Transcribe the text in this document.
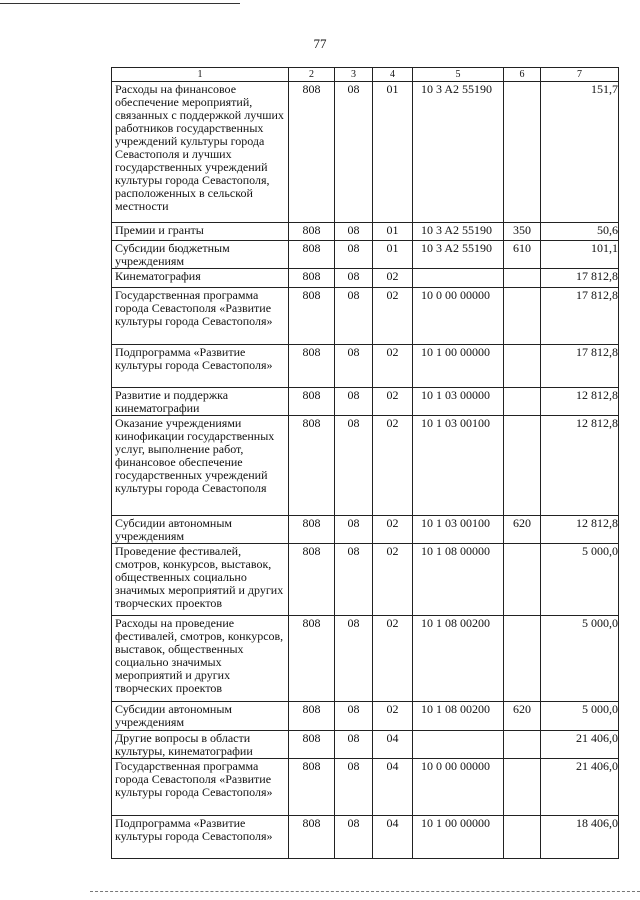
77
1	2	3	4	5	6	7
Расходы на финансовое обеспечение мероприятий, связанных с поддержкой лучших работников государственных учреждений культуры города Севастополя и лучших государственных учреждений культуры города Севастополя, расположенных в сельской местности	808	08	01	10 3 A2 55190		151,7
Премии и гранты	808	08	01	10 3 A2 55190	350	50,6
Субсидии бюджетным учреждениям	808	08	01	10 3 A2 55190	610	101,1
Кинематография	808	08	02			17 812,8
Государственная программа города Севастополя «Развитие культуры города Севастополя»	808	08	02	10 0 00 00000		17 812,8
Подпрограмма «Развитие культуры города Севастополя»	808	08	02	10 1 00 00000		17 812,8
Развитие и поддержка кинематографии	808	08	02	10 1 03 00000		12 812,8
Оказание учреждениями кинофикации государственных услуг, выполнение работ, финансовое обеспечение государственных учреждений культуры города Севастополя	808	08	02	10 1 03 00100		12 812,8
Субсидии автономным учреждениям	808	08	02	10 1 03 00100	620	12 812,8
Проведение фестивалей, смотров, конкурсов, выставок, общественных социально значимых мероприятий и других творческих проектов	808	08	02	10 1 08 00000		5 000,0
Расходы на проведение фестивалей, смотров, конкурсов, выставок, общественных социально значимых мероприятий и других творческих проектов	808	08	02	10 1 08 00200		5 000,0
Субсидии автономным учреждениям	808	08	02	10 1 08 00200	620	5 000,0
Другие вопросы в области культуры, кинематографии	808	08	04			21 406,0
Государственная программа города Севастополя «Развитие культуры города Севастополя»	808	08	04	10 0 00 00000		21 406,0
Подпрограмма «Развитие культуры города Севастополя»	808	08	04	10 1 00 00000		18 406,0
